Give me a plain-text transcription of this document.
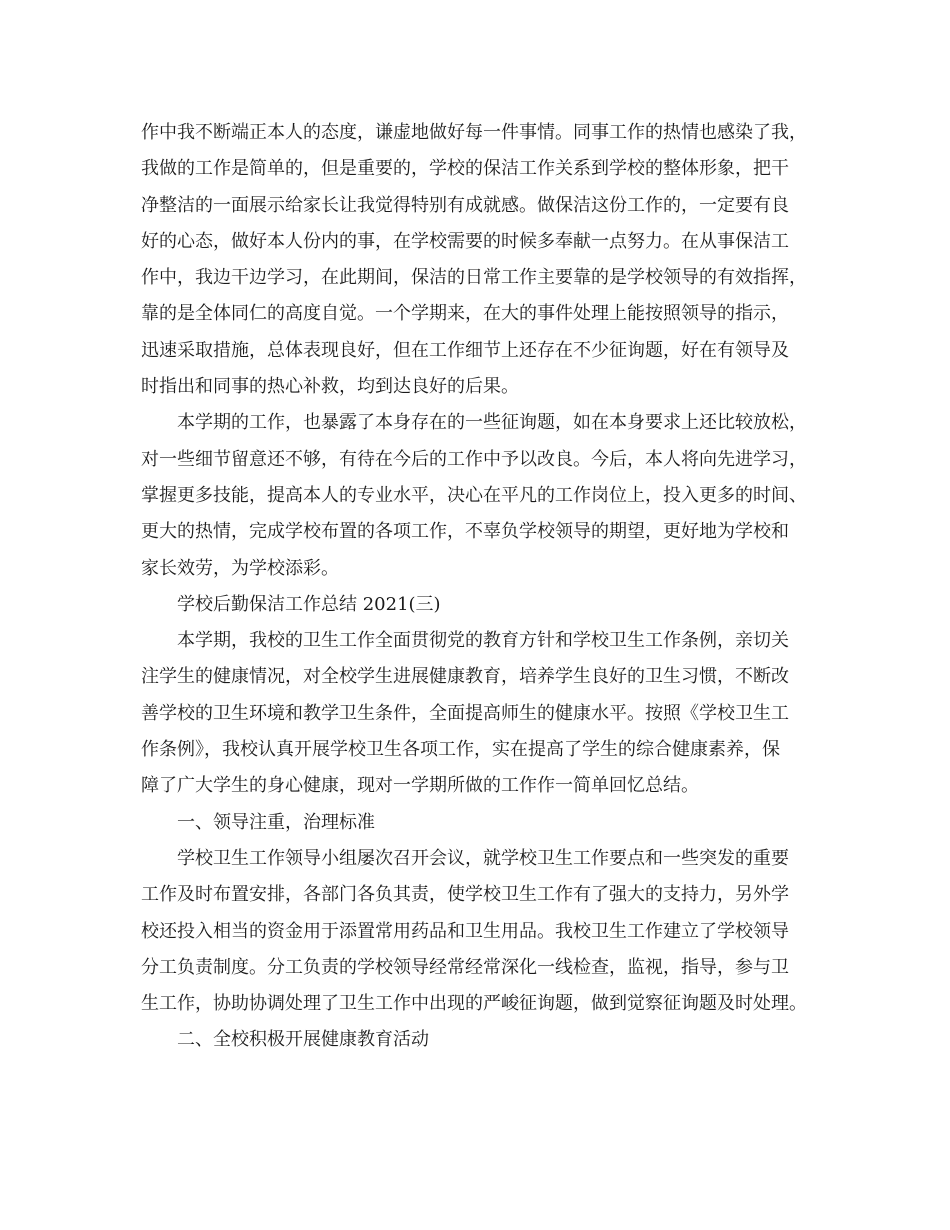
作中我不断端正本人的态度，谦虚地做好每一件事情。同事工作的热情也感染了我，
我做的工作是简单的，但是重要的，学校的保洁工作关系到学校的整体形象，把干
净整洁的一面展示给家长让我觉得特别有成就感。做保洁这份工作的，一定要有良
好的心态，做好本人份内的事，在学校需要的时候多奉献一点努力。在从事保洁工
作中，我边干边学习，在此期间，保洁的日常工作主要靠的是学校领导的有效指挥，
靠的是全体同仁的高度自觉。一个学期来，在大的事件处理上能按照领导的指示，
迅速采取措施，总体表现良好，但在工作细节上还存在不少征询题，好在有领导及
时指出和同事的热心补救，均到达良好的后果。
本学期的工作，也暴露了本身存在的一些征询题，如在本身要求上还比较放松，
对一些细节留意还不够，有待在今后的工作中予以改良。今后，本人将向先进学习，
掌握更多技能，提高本人的专业水平，决心在平凡的工作岗位上，投入更多的时间、
更大的热情，完成学校布置的各项工作，不辜负学校领导的期望，更好地为学校和
家长效劳，为学校添彩。
学校后勤保洁工作总结 2021(三)
本学期，我校的卫生工作全面贯彻党的教育方针和学校卫生工作条例，亲切关
注学生的健康情况，对全校学生进展健康教育，培养学生良好的卫生习惯，不断改
善学校的卫生环境和教学卫生条件，全面提高师生的健康水平。按照《学校卫生工
作条例》，我校认真开展学校卫生各项工作，实在提高了学生的综合健康素养，保
障了广大学生的身心健康，现对一学期所做的工作作一简单回忆总结。
一、领导注重，治理标准
学校卫生工作领导小组屡次召开会议，就学校卫生工作要点和一些突发的重要
工作及时布置安排，各部门各负其责，使学校卫生工作有了强大的支持力，另外学
校还投入相当的资金用于添置常用药品和卫生用品。我校卫生工作建立了学校领导
分工负责制度。分工负责的学校领导经常经常深化一线检查，监视，指导，参与卫
生工作，协助协调处理了卫生工作中出现的严峻征询题，做到觉察征询题及时处理。
二、全校积极开展健康教育活动
